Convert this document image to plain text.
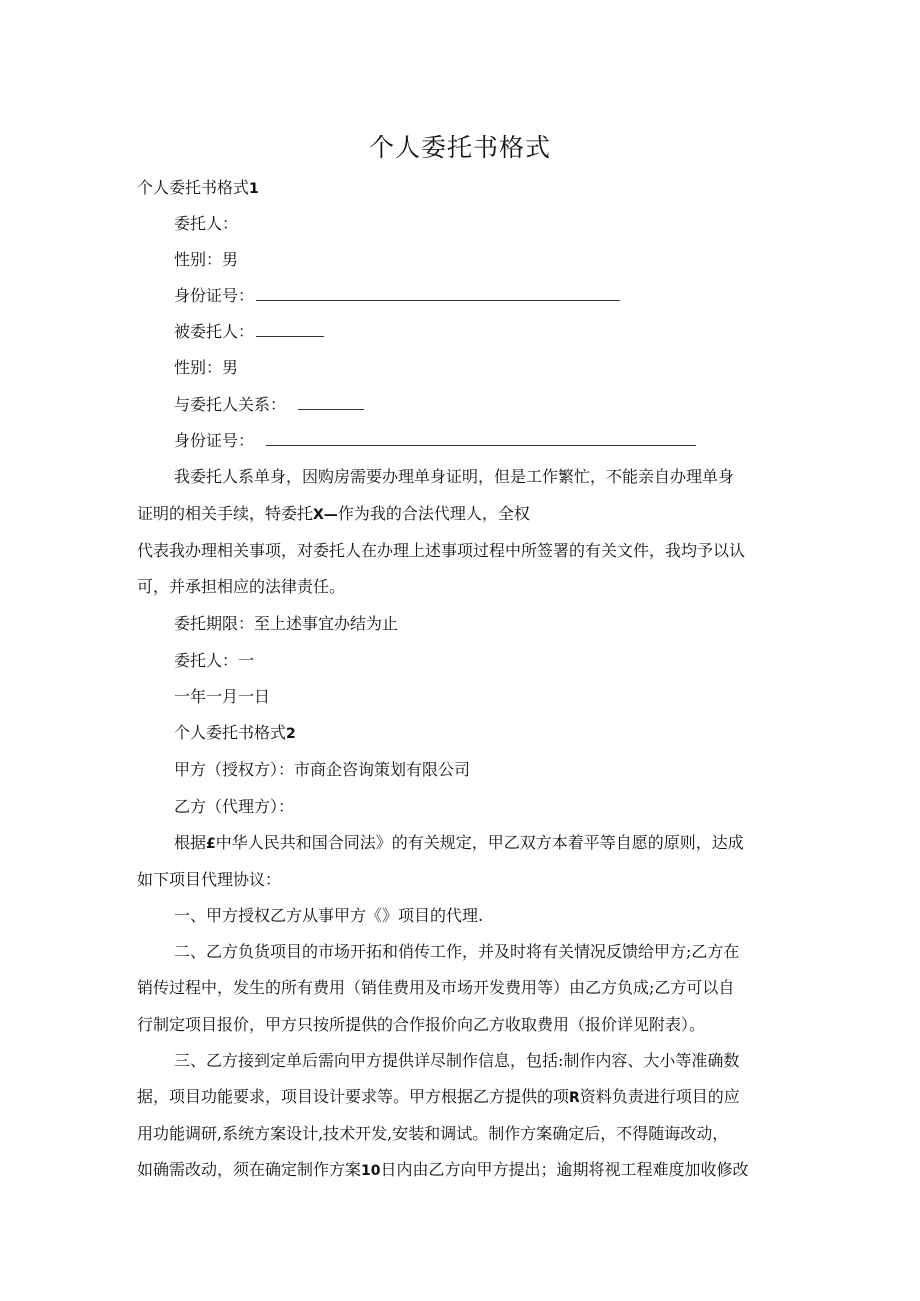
个人委托书格式
个人委托书格式1
委托人：
性别：男
身份证号：
被委托人：
性别：男
与委托人关系：
身份证号：
我委托人系单身，因购房需要办理单身证明，但是工作繁忙，不能亲自办理单身
证明的相关手续，特委托X—作为我的合法代理人，全权
代表我办理相关事项，对委托人在办理上述事项过程中所签署的有关文件，我均予以认
可，并承担相应的法律责任。
委托期限：至上述事宜办结为止
委托人：一
一年一月一日
个人委托书格式2
甲方（授权方）：市商企咨询策划有限公司
乙方（代理方）：
根据£中华人民共和国合同法》的有关规定，甲乙双方本着平等自愿的原则，达成
如下项目代理协议：
一、甲方授权乙方从事甲方《》项目的代理.
二、乙方负货项目的市场开拓和俏传工作，并及时将有关情况反馈给甲方;乙方在
销传过程中，发生的所有费用（销佳费用及市场开发费用等）由乙方负成;乙方可以自
行制定项目报价，甲方只按所提供的合作报价向乙方收取费用（报价详见附表）。
三、乙方接到定单后需向甲方提供详尽制作信息，包括:制作内容、大小等准确数
据，项目功能要求，项目设计要求等。甲方根据乙方提供的项R资料负责进行项目的应
用功能调研,系统方案设计,技术开发,安装和调试。制作方案确定后，不得随诲改动，
如确需改动，须在确定制作方案10日内由乙方向甲方提出；逾期将视工程难度加收修改
